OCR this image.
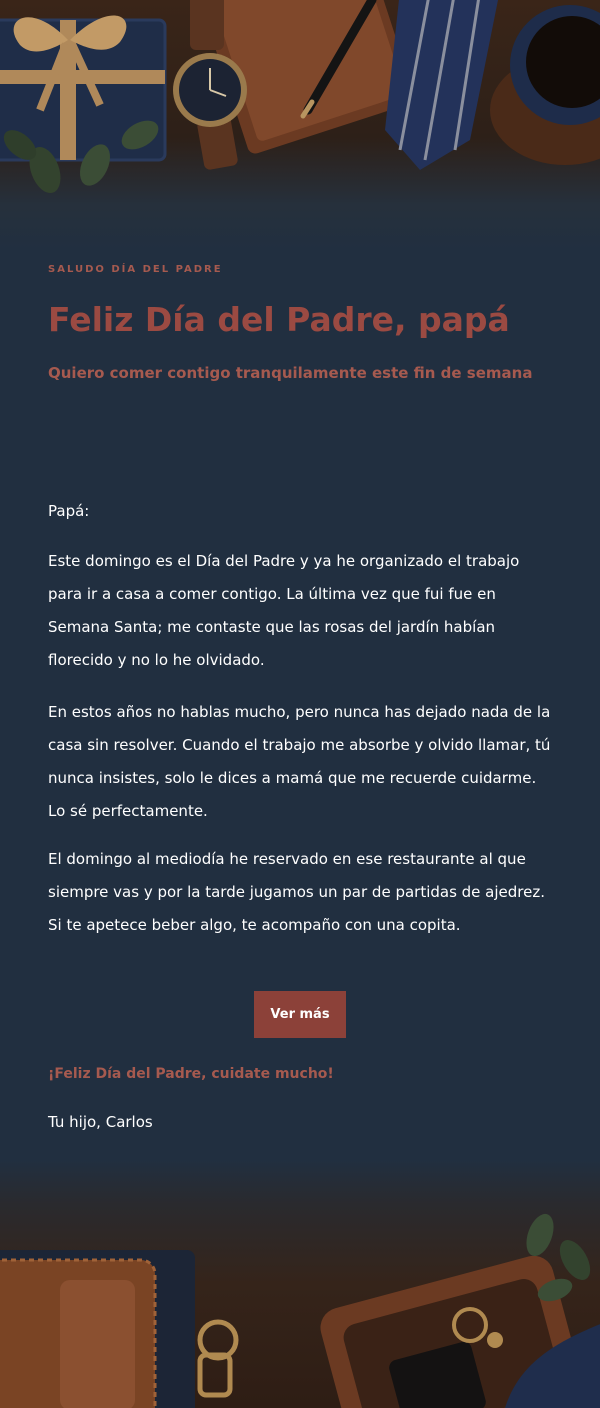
SALUDO DÍA DEL PADRE
Feliz Día del Padre, papá
Quiero comer contigo tranquilamente este fin de semana
Papá:

Este domingo es el Día del Padre y ya he organizado el trabajo para ir a casa a comer contigo. La última vez que fui fue en Semana Santa; me contaste que las rosas del jardín habían florecido y no lo he olvidado.

En estos años no hablas mucho, pero nunca has dejado nada de la casa sin resolver. Cuando el trabajo me absorbe y olvido llamar, tú nunca insistes, solo le dices a mamá que me recuerde cuidarme. Lo sé perfectamente.

El domingo al mediodía he reservado en ese restaurante al que siempre vas y por la tarde jugamos un par de partidas de ajedrez. Si te apetece beber algo, te acompaño con una copita.

Ver más
¡Feliz Día del Padre, cuidate mucho!
Tu hijo, Carlos
